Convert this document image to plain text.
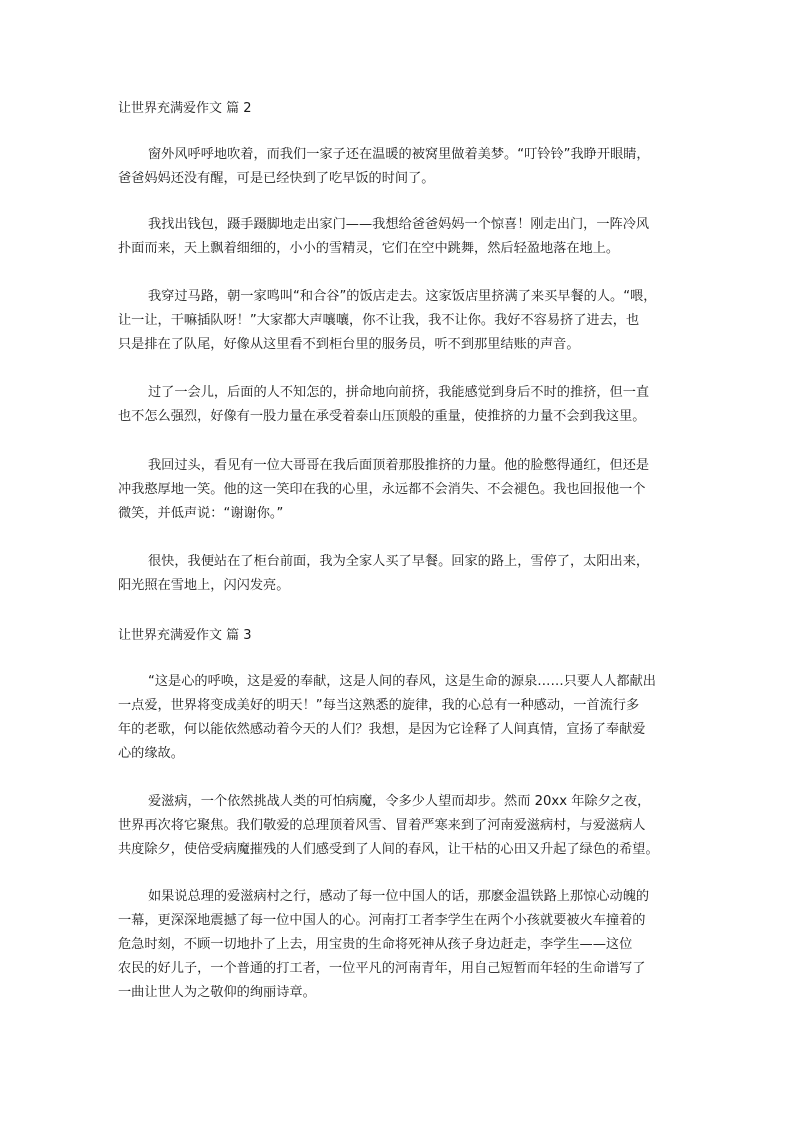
让世界充满爱作文 篇 2
窗外风呼呼地吹着，而我们一家子还在温暖的被窝里做着美梦。“叮铃铃”我睁开眼睛，
爸爸妈妈还没有醒，可是已经快到了吃早饭的时间了。
我找出钱包，蹑手蹑脚地走出家门——我想给爸爸妈妈一个惊喜！刚走出门，一阵冷风
扑面而来，天上飘着细细的，小小的雪精灵，它们在空中跳舞，然后轻盈地落在地上。
我穿过马路，朝一家鸣叫“和合谷”的饭店走去。这家饭店里挤满了来买早餐的人。“喂，
让一让，干嘛插队呀！”大家都大声嚷嚷，你不让我，我不让你。我好不容易挤了进去，也
只是排在了队尾，好像从这里看不到柜台里的服务员，听不到那里结账的声音。
过了一会儿，后面的人不知怎的，拼命地向前挤，我能感觉到身后不时的推挤，但一直
也不怎么强烈，好像有一股力量在承受着泰山压顶般的重量，使推挤的力量不会到我这里。
我回过头，看见有一位大哥哥在我后面顶着那股推挤的力量。他的脸憋得通红，但还是
冲我憨厚地一笑。他的这一笑印在我的心里，永远都不会消失、不会褪色。我也回报他一个
微笑，并低声说：“谢谢你。”
很快，我便站在了柜台前面，我为全家人买了早餐。回家的路上，雪停了，太阳出来，
阳光照在雪地上，闪闪发亮。
让世界充满爱作文 篇 3
“这是心的呼唤，这是爱的奉献，这是人间的春风，这是生命的源泉……只要人人都献出
一点爱，世界将变成美好的明天！”每当这熟悉的旋律，我的心总有一种感动，一首流行多
年的老歌，何以能依然感动着今天的人们？我想，是因为它诠释了人间真情，宣扬了奉献爱
心的缘故。
爱滋病，一个依然挑战人类的可怕病魔，令多少人望而却步。然而 20xx 年除夕之夜，
世界再次将它聚焦。我们敬爱的总理顶着风雪、冒着严寒来到了河南爱滋病村，与爱滋病人
共度除夕，使倍受病魔摧残的人们感受到了人间的春风，让干枯的心田又升起了绿色的希望。
如果说总理的爱滋病村之行，感动了每一位中国人的话，那麽金温铁路上那惊心动魄的
一幕，更深深地震撼了每一位中国人的心。河南打工者李学生在两个小孩就要被火车撞着的
危急时刻，不顾一切地扑了上去，用宝贵的生命将死神从孩子身边赶走，李学生——这位
农民的好儿子，一个普通的打工者，一位平凡的河南青年，用自己短暂而年轻的生命谱写了
一曲让世人为之敬仰的绚丽诗章。
